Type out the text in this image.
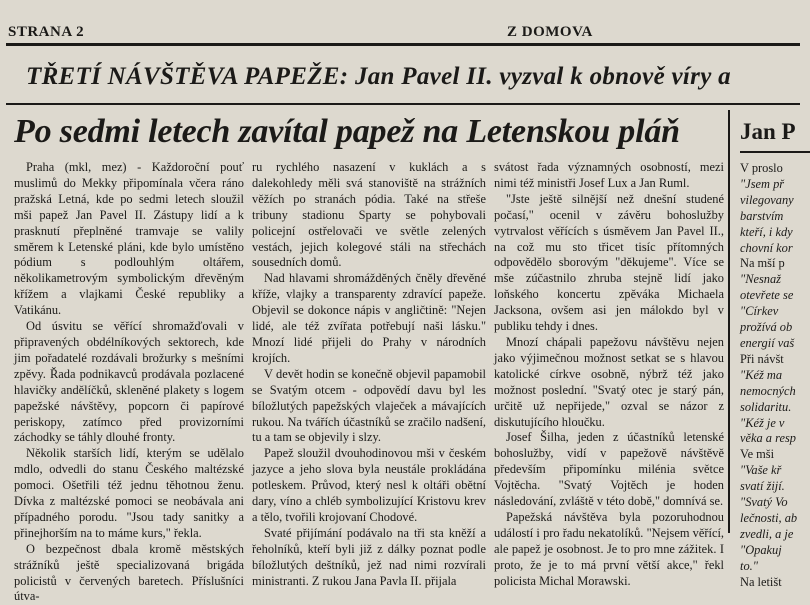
STRANA 2	Z DOMOVA
TŘETÍ NÁVŠTĚVA PAPEŽE: Jan Pavel II. vyzval k obnově víry a
Po sedmi letech zavítal papež na Letenskou pláň

Praha (mkl, mez) - Každoroční pouť muslimů do Mekky připomínala včera ráno pražská Letná, kde po sedmi letech sloužil mši papež Jan Pavel II. Zástupy lidí a k prasknutí přeplněné tramvaje se valily směrem k Letenské pláni, kde bylo umístěno pódium s podlouhlým oltářem, několikametrovým symbolickým dřevěným křížem a vlajkami České republiky a Vatikánu.

Od úsvitu se věřící shromažďovali v připravených obdélníkových sektorech, kde jim pořadatelé rozdávali brožurky s mešními zpěvy. Řada podnikavců prodávala pozlacené hlavičky andělíčků, skleněné plakety s logem papežské návštěvy, popcorn či papírové periskopy, zatímco před provizorními záchodky se táhly dlouhé fronty.

Několik starších lidí, kterým se udělalo mdlo, odvedli do stanu Českého maltézské pomoci. Ošetřili též jednu těhotnou ženu. Dívka z maltézské pomoci se neobávala ani případného porodu. "Jsou tady sanitky a přinejhorším na to máme kurs," řekla.

O bezpečnost dbala kromě městských strážníků ještě specializovaná brigáda policistů v červených baretech. Příslušníci útva-

ru rychlého nasazení v kuklách a s dalekohledy měli svá stanoviště na strážních věžích po stranách pódia. Také na střeše tribuny stadionu Sparty se pohybovali policejní ostřelovači ve světle zelených vestách, jejich kolegové stáli na střechách sousedních domů.

Nad hlavami shromážděných čněly dřevěné kříže, vlajky a transparenty zdravící papeže. Objevil se dokonce nápis v angličtině: "Nejen lidé, ale též zvířata potřebují naši lásku." Mnozí lidé přijeli do Prahy v národních krojích.

V devět hodin se konečně objevil papamobil se Svatým otcem - odpovědí davu byl les bíložlutých papežských vlaječek a mávajících rukou. Na tvářích účastníků se zračilo nadšení, tu a tam se objevily i slzy.

Papež sloužil dvouhodinovou mši v českém jazyce a jeho slova byla neustále prokládána potleskem. Průvod, který nesl k oltáři obětní dary, víno a chléb symbolizující Kristovu krev a tělo, tvořili krojovaní Chodové.

Svaté přijímání podávalo na tři sta kněží a řeholníků, kteří byli již z dálky poznat podle bíložlutých deštníků, jež nad nimi rozvírali ministranti. Z rukou Jana Pavla II. přijala

svátost řada významných osobností, mezi nimi též ministři Josef Lux a Jan Ruml.

"Jste ještě silnější než dnešní studené počasí," ocenil v závěru bohoslužby vytrvalost věřících s úsměvem Jan Pavel II., na což mu sto třicet tisíc přítomných odpovědělo sborovým "děkujeme". Více se mše zúčastnilo zhruba stejně lidí jako loňského koncertu zpěváka Michaela Jacksona, ovšem asi jen málokdo byl v publiku tehdy i dnes.

Mnozí chápali papežovu návštěvu nejen jako výjimečnou možnost setkat se s hlavou katolické církve osobně, nýbrž též jako možnost poslední. "Svatý otec je starý pán, určitě už nepřijede," ozval se názor z diskutujícího hloučku.

Josef Šilha, jeden z účastníků letenské bohoslužby, vidí v papežově návštěvě především připomínku milénia světce Vojtěcha. "Svatý Vojtěch je hoden následování, zvláště v této době," domnívá se.

Papežská návštěva byla pozoruhodnou událostí i pro řadu nekatolíků. "Nejsem věřící, ale papež je osobnost. Je to pro mne zážitek. I proto, že je to má první větší akce," řekl policista Michal Morawski.

Jan P
V proslo
"Jsem př
vilegovany
barstvím
kteří, i kdy
chovní kor
Na mší p
"Nesnaž
otevřete se
"Církev
prožívá ob
energií vaš
Při návšt
"Kéž ma
nemocných
solidaritu.
"Kéž je v
věka a resp
Ve mši
"Vaše kř
svatí žijí.
"Svatý Vo
lečnosti, ab
zvedli, a je
"Opakuj
to."
Na letišt
